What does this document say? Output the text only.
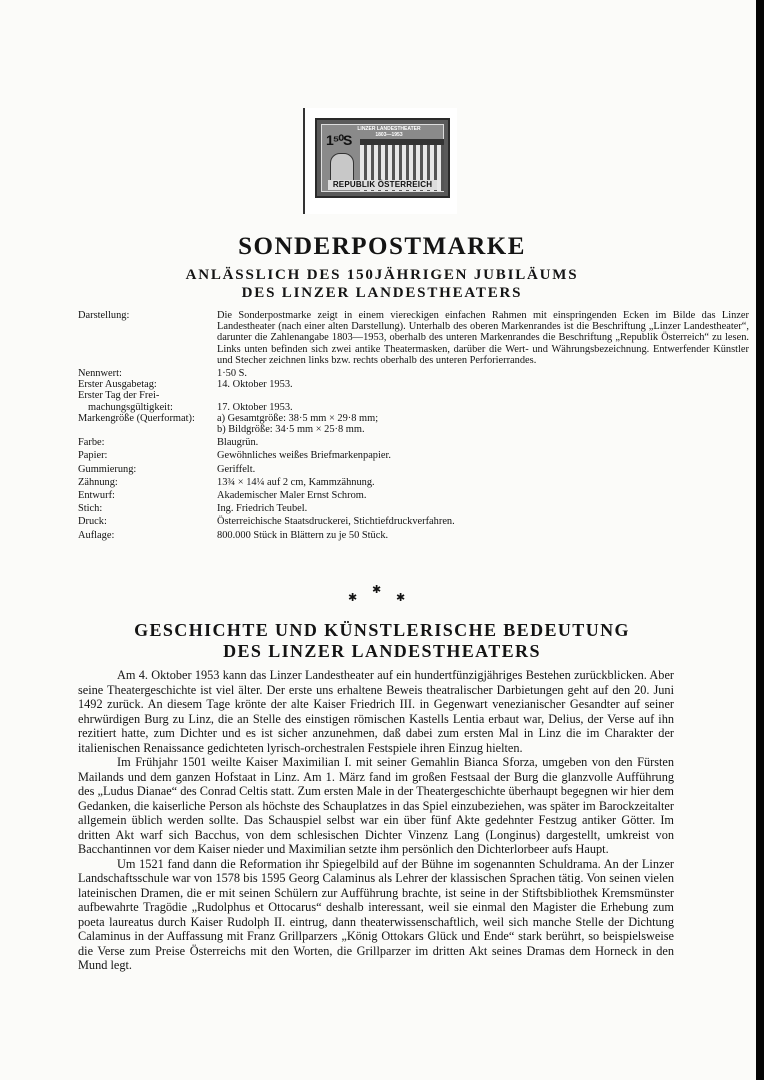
1⁵⁰S
LINZER LANDESTHEATER
1803—1953
REPUBLIK ÖSTERREICH
SONDERPOSTMARKE
ANLÄSSLICH DES 150JÄHRIGEN JUBILÄUMS
DES LINZER LANDESTHEATERS
Darstellung:	Die Sonderpostmarke zeigt in einem viereckigen einfachen Rahmen mit einspringenden Ecken im Bilde das Linzer Landestheater (nach einer alten Darstellung). Unterhalb des oberen Markenrandes ist die Beschriftung „Linzer Landestheater“, darunter die Zahlenangabe 1803—1953, oberhalb des unteren Markenrandes die Beschriftung „Republik Österreich“ zu lesen. Links unten befinden sich zwei antike Theatermasken, darüber die Wert- und Währungsbezeichnung. Entwerfender Künstler und Stecher zeichnen links bzw. rechts oberhalb des unteren Perforierrandes.
Nennwert:	1·50 S.
Erster Ausgabetag:	14. Oktober 1953.
Erster Tag der Frei-
machungsgültigkeit:
	17. Oktober 1953.
Markengröße (Querformat):	a) Gesamtgröße: 38·5 mm × 29·8 mm;
b) Bildgröße: 34·5 mm × 25·8 mm.
Farbe:	Blaugrün.
Papier:	Gewöhnliches weißes Briefmarkenpapier.
Gummierung:	Geriffelt.
Zähnung:	13¾ × 14¼ auf 2 cm, Kammzähnung.
Entwurf:	Akademischer Maler Ernst Schrom.
Stich:	Ing. Friedrich Teubel.
Druck:	Österreichische Staatsdruckerei, Stichtiefdruckverfahren.
Auflage:	800.000 Stück in Blättern zu je 50 Stück.
✱
✱
✱
GESCHICHTE UND KÜNSTLERISCHE BEDEUTUNG
DES LINZER LANDESTHEATERS

Am 4. Oktober 1953 kann das Linzer Landestheater auf ein hundertfünzigjähriges Bestehen zurückblicken. Aber seine Theatergeschichte ist viel älter. Der erste uns erhaltene Beweis theatralischer Darbietungen geht auf den 20. Juni 1492 zurück. An diesem Tage krönte der alte Kaiser Friedrich III. in Gegenwart venezianischer Gesandter auf seiner ehrwürdigen Burg zu Linz, die an Stelle des einstigen römischen Kastells Lentia erbaut war, Delius, der Verse auf ihn rezitiert hatte, zum Dichter und es ist sicher anzunehmen, daß dabei zum ersten Mal in Linz die im Charakter der italienischen Renaissance gedichteten lyrisch-orchestralen Festspiele ihren Einzug hielten.

Im Frühjahr 1501 weilte Kaiser Maximilian I. mit seiner Gemahlin Bianca Sforza, umgeben von den Fürsten Mailands und dem ganzen Hofstaat in Linz. Am 1. März fand im großen Festsaal der Burg die glanzvolle Aufführung des „Ludus Dianae“ des Conrad Celtis statt. Zum ersten Male in der Theatergeschichte überhaupt begegnen wir hier dem Gedanken, die kaiserliche Person als höchste des Schauplatzes in das Spiel einzubeziehen, was später im Barockzeitalter allgemein üblich werden sollte. Das Schauspiel selbst war ein über fünf Akte gedehnter Festzug antiker Götter. Im dritten Akt warf sich Bacchus, von dem schlesischen Dichter Vinzenz Lang (Longinus) dargestellt, umkreist von Bacchantinnen vor dem Kaiser nieder und Maximilian setzte ihm persönlich den Dichterlorbeer aufs Haupt.

Um 1521 fand dann die Reformation ihr Spiegelbild auf der Bühne im sogenannten Schuldrama. An der Linzer Landschaftsschule war von 1578 bis 1595 Georg Calaminus als Lehrer der klassischen Sprachen tätig. Von seinen vielen lateinischen Dramen, die er mit seinen Schülern zur Aufführung brachte, ist seine in der Stiftsbibliothek Kremsmünster aufbewahrte Tragödie „Rudolphus et Ottocarus“ deshalb interessant, weil sie einmal den Magister die Erhebung zum poeta laureatus durch Kaiser Rudolph II. eintrug, dann theaterwissenschaftlich, weil sich manche Stelle der Dichtung Calaminus in der Auffassung mit Franz Grillparzers „König Ottokars Glück und Ende“ stark berührt, so beispielsweise die Verse zum Preise Österreichs mit den Worten, die Grillparzer im dritten Akt seines Dramas dem Horneck in den Mund legt.
